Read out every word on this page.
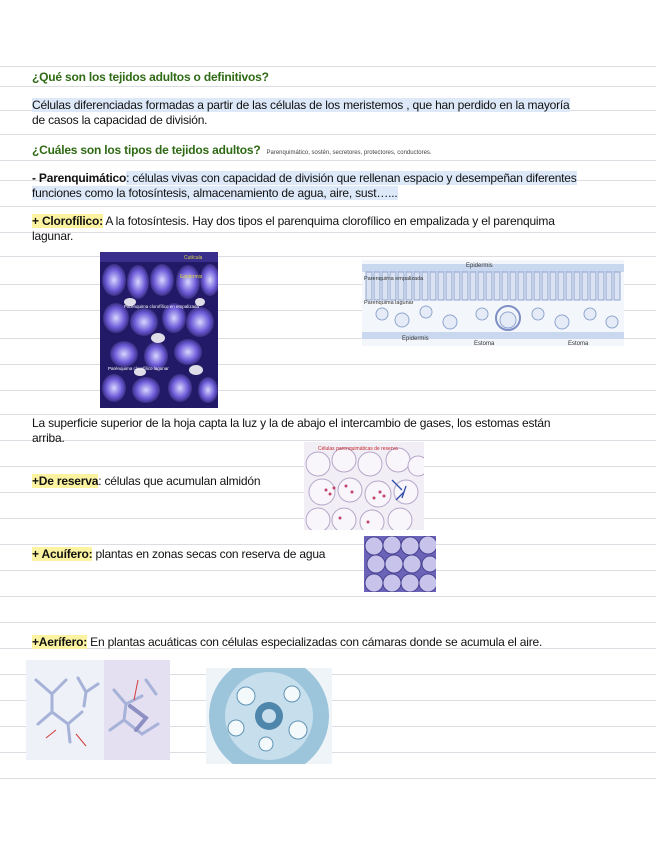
¿Qué son los tejidos adultos o definitivos?
Células diferenciadas formadas a partir de las células de los meristemos , que han perdido en la mayoría
de casos la capacidad de división.
¿Cuáles son los tipos de tejidos adultos? Parenquimático, sostén, secretores, protectores, conductores.
- Parenquimático: células vivas con capacidad de división que rellenan espacio y desempeñan diferentes
funciones como la fotosíntesis, almacenamiento de agua, aire, sust…...
+ Clorofílico: A la fotosíntesis. Hay dos tipos el parenquima clorofílico en empalizada y el parenquima
lagunar.
Cutícula
Epidermis
Parénquima clorofílico en empalizada
Parénquima clorofílico lagunar
Epidermis
Parenquima empalizada
Parenquima lagunar
Epidermis
Estoma	Estoma
La superficie superior de la hoja capta la luz y la de abajo el intercambio de gases, los estomas están
arriba.
+De reserva: células que acumulan almidón
Células parenquimáticas de reserva
+ Acuífero: plantas en zonas secas con reserva de agua
+Aerífero: En plantas acuáticas con células especializadas con cámaras donde se acumula el aire.
